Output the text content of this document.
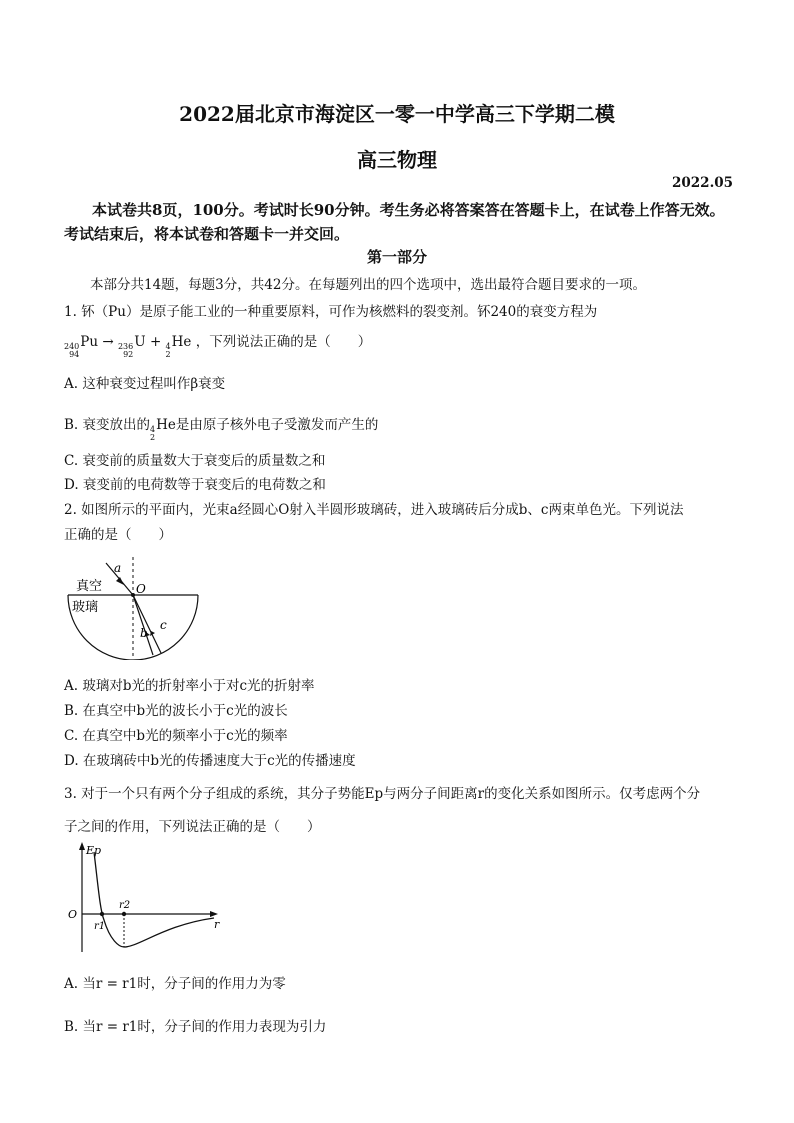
2022届北京市海淀区一零一中学高三下学期二模
高三物理
2022.05
本试卷共8页，100分。考试时长90分钟。考生务必将答案答在答题卡上，在试卷上作答无效。考试结束后，将本试卷和答题卡一并交回。
第一部分
本部分共14题，每题3分，共42分。在每题列出的四个选项中，选出最符合题目要求的一项。
1. 钚（Pu）是原子能工业的一种重要原料，可作为核燃料的裂变剂。钚240的衰变方程为
240
94
Pu → 236
92
U + 4
2
He ，下列说法正确的是（　　）
A. 这种衰变过程叫作β衰变
B. 衰变放出的 4
2
He是由原子核外电子受激发而产生的
C. 衰变前的质量数大于衰变后的质量数之和
D. 衰变前的电荷数等于衰变后的电荷数之和
2. 如图所示的平面内，光束a经圆心O射入半圆形玻璃砖，进入玻璃砖后分成b、c两束单色光。下列说法
正确的是（　　）
a
O
真空
玻璃
b
c
A. 玻璃对b光的折射率小于对c光的折射率
B. 在真空中b光的波长小于c光的波长
C. 在真空中b光的频率小于c光的频率
D. 在玻璃砖中b光的传播速度大于c光的传播速度
3. 对于一个只有两个分子组成的系统，其分子势能Ep与两分子间距离r的变化关系如图所示。仅考虑两个分
子之间的作用，下列说法正确的是（　　）
Ep
O
r
r1
r2
A. 当r = r1时，分子间的作用力为零
B. 当r = r1时，分子间的作用力表现为引力
